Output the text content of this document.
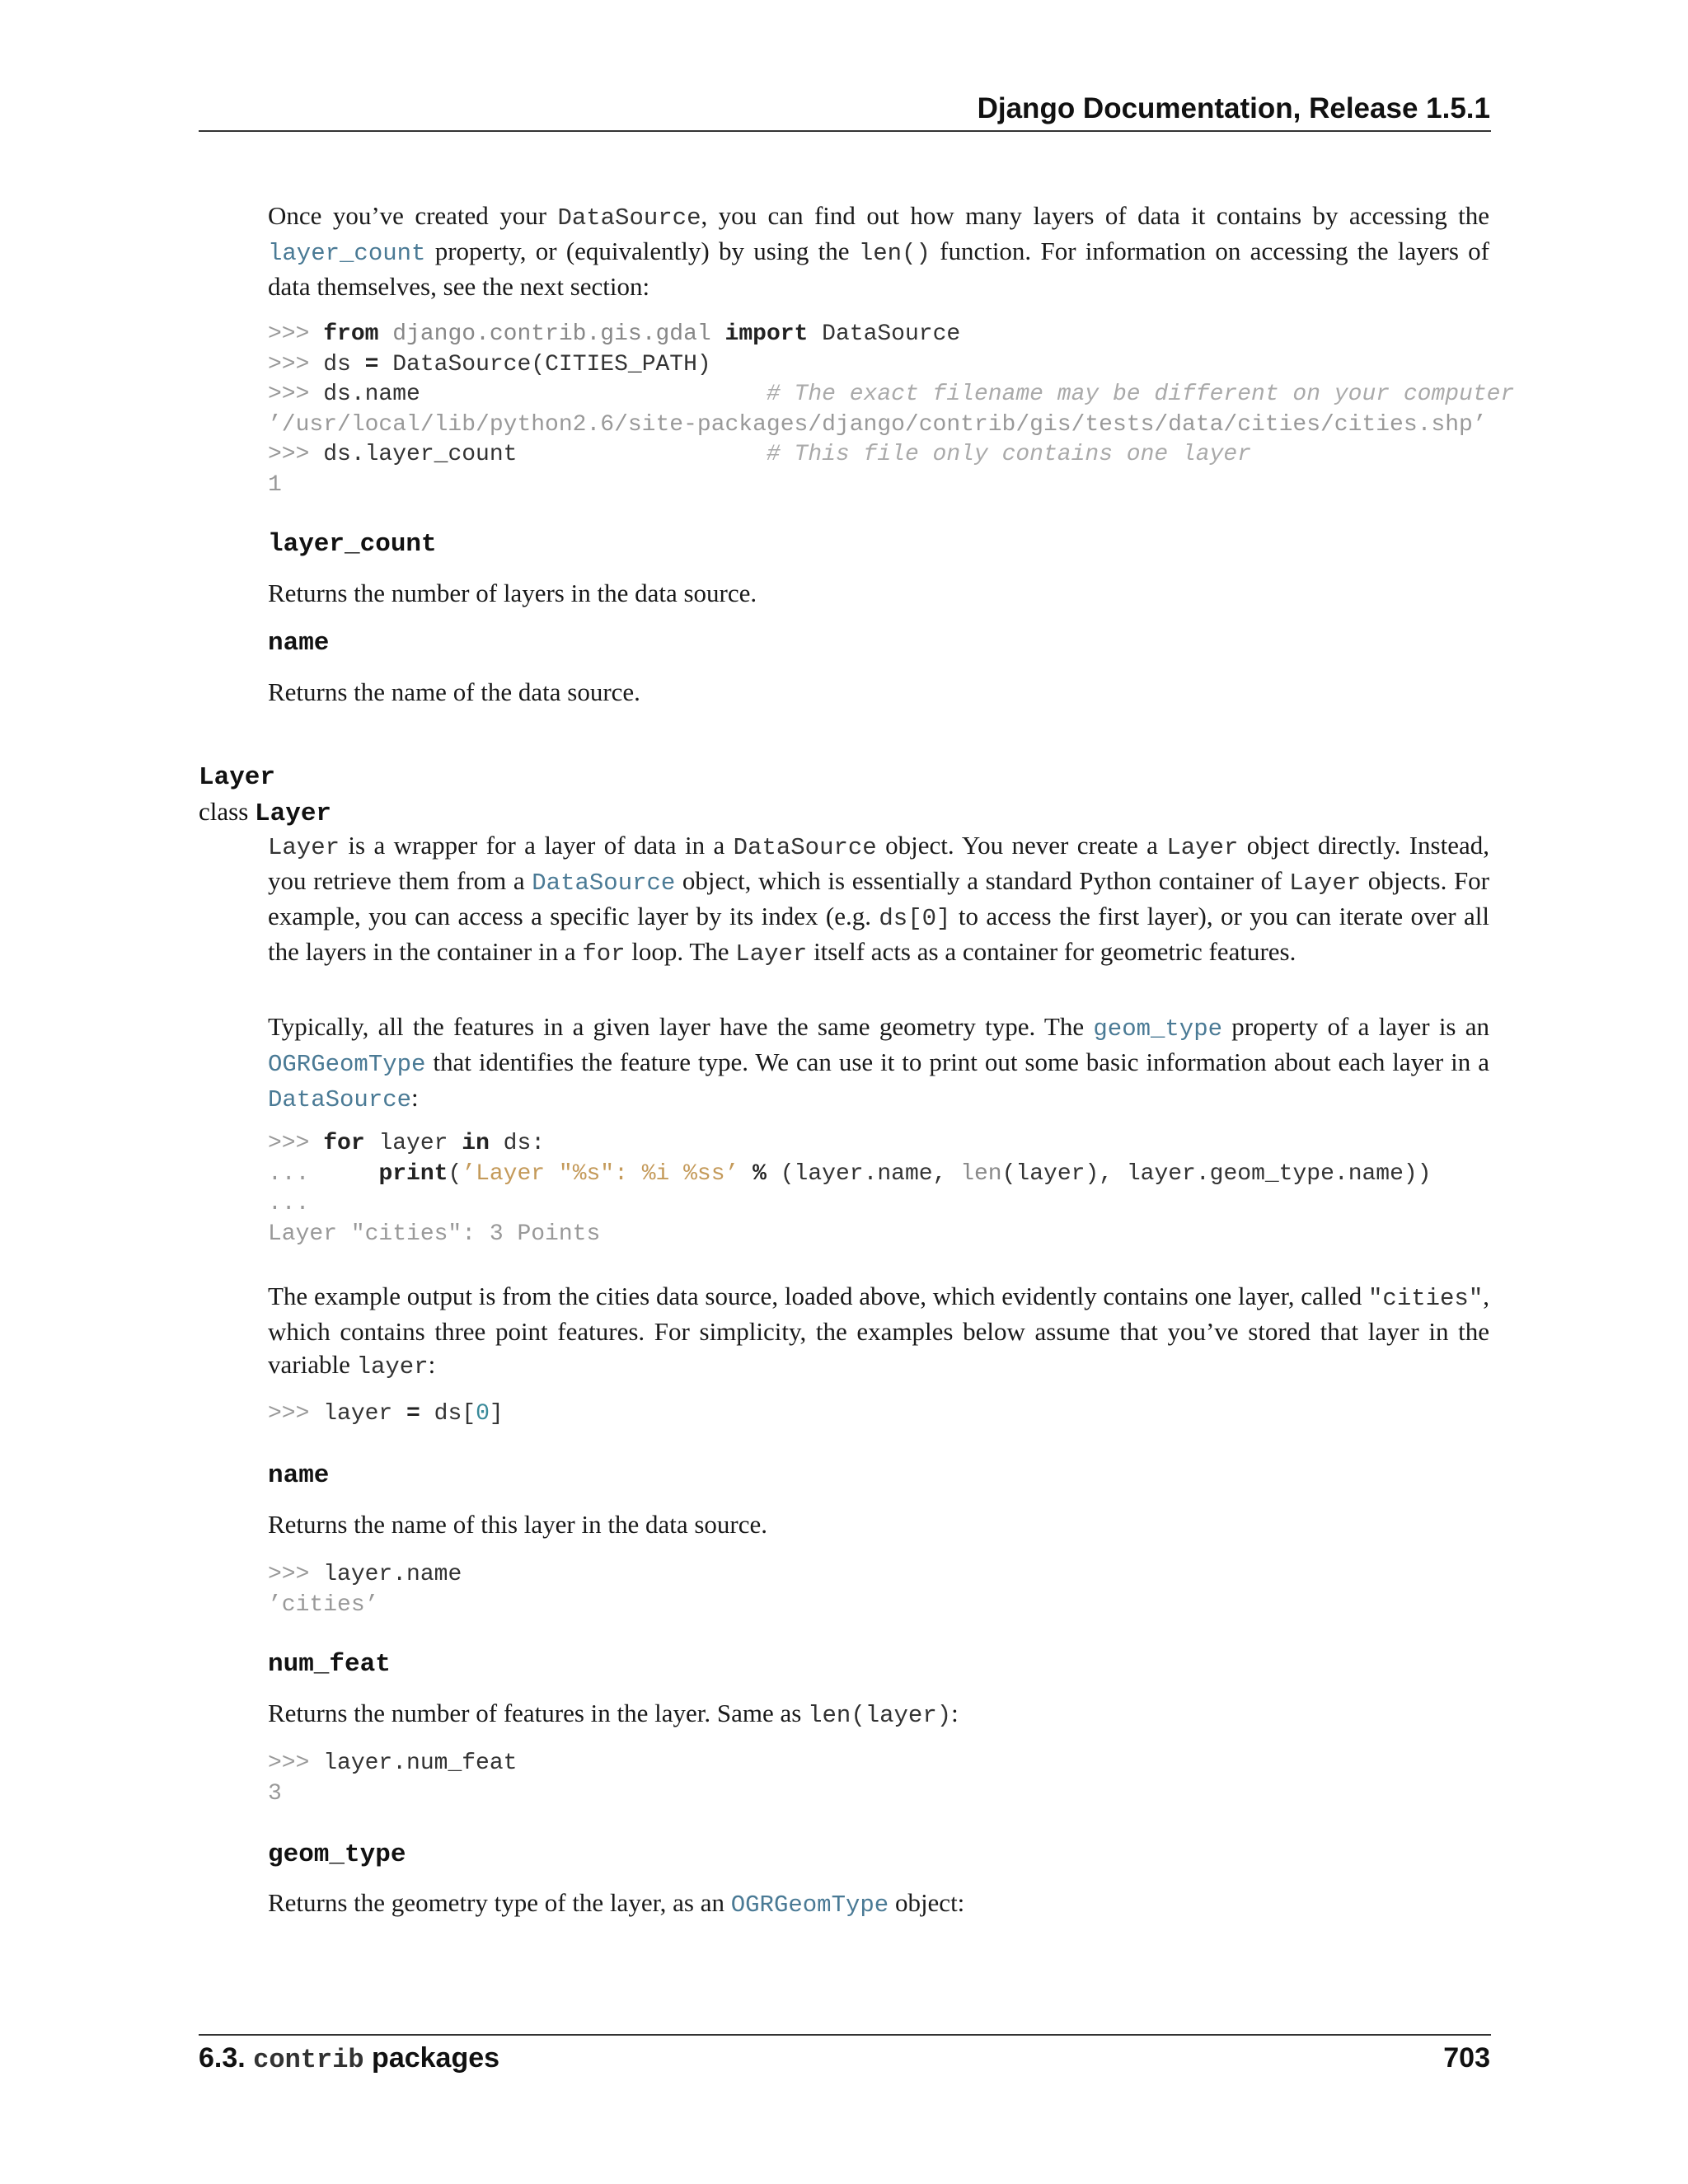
Django Documentation, Release 1.5.1
Once you’ve created your DataSource, you can find out how many layers of data it contains by accessing the layer_count property, or (equivalently) by using the len() function. For information on accessing the layers of data themselves, see the next section:
>>> from django.contrib.gis.gdal import DataSource
>>> ds = DataSource(CITIES_PATH)
>>> ds.name	# The exact filename may be different on your computer
’/usr/local/lib/python2.6/site-packages/django/contrib/gis/tests/data/cities/cities.shp’
>>> ds.layer_count	# This file only contains one layer
1
layer_count
Returns the number of layers in the data source.
name
Returns the name of the data source.
Layer
class Layer
Layer is a wrapper for a layer of data in a DataSource object. You never create a Layer object directly. Instead, you retrieve them from a DataSource object, which is essentially a standard Python container of Layer objects. For example, you can access a specific layer by its index (e.g. ds[0] to access the first layer), or you can iterate over all the layers in the container in a for loop. The Layer itself acts as a container for geometric features.
Typically, all the features in a given layer have the same geometry type. The geom_type property of a layer is an OGRGeomType that identifies the feature type. We can use it to print out some basic information about each layer in a DataSource:
>>> for layer in ds:
...	print(’Layer "%s": %i %ss’ % (layer.name, len(layer), layer.geom_type.name))
...
Layer "cities": 3 Points
The example output is from the cities data source, loaded above, which evidently contains one layer, called "cities", which contains three point features. For simplicity, the examples below assume that you’ve stored that layer in the variable layer:
>>> layer = ds[0]
name
Returns the name of this layer in the data source.
>>> layer.name
’cities’
num_feat
Returns the number of features in the layer. Same as len(layer):
>>> layer.num_feat
3
geom_type
Returns the geometry type of the layer, as an OGRGeomType object:
6.3. contrib packages	703
